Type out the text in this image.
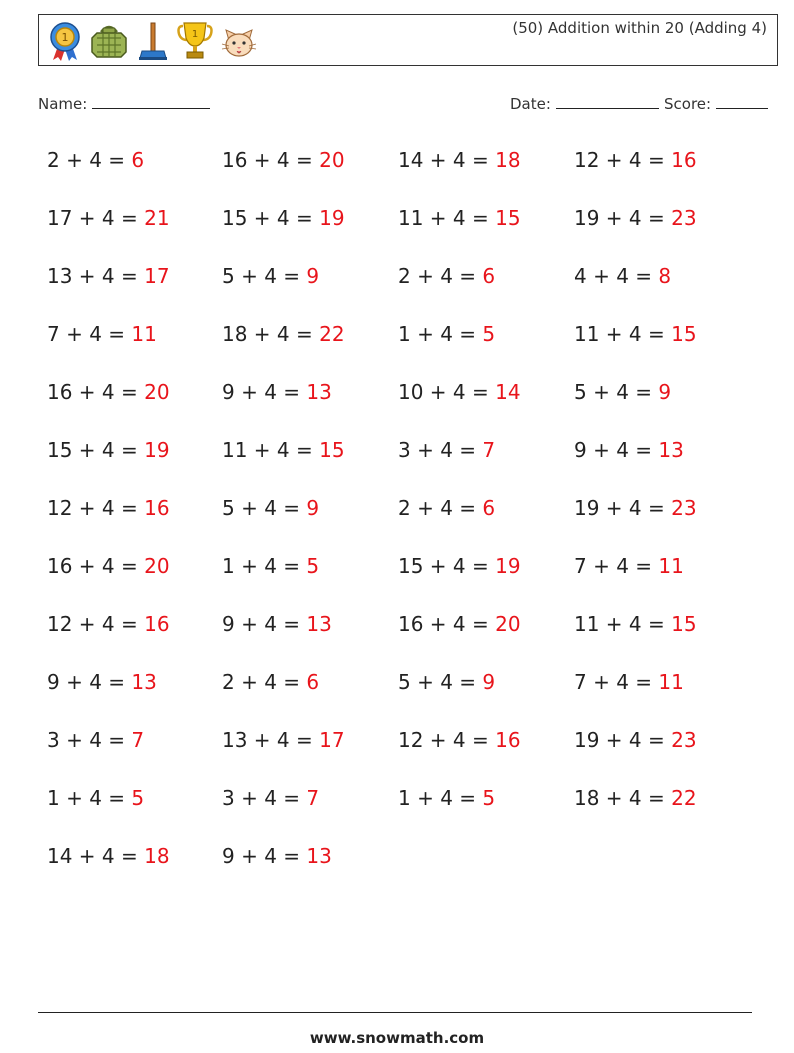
1	1	(50) Addition within 20 (Adding 4)
Name:	Date:	Score:
2 + 4 = 6	16 + 4 = 20	14 + 4 = 18	12 + 4 = 16
17 + 4 = 21	15 + 4 = 19	11 + 4 = 15	19 + 4 = 23
13 + 4 = 17	5 + 4 = 9	2 + 4 = 6	4 + 4 = 8
7 + 4 = 11	18 + 4 = 22	1 + 4 = 5	11 + 4 = 15
16 + 4 = 20	9 + 4 = 13	10 + 4 = 14	5 + 4 = 9
15 + 4 = 19	11 + 4 = 15	3 + 4 = 7	9 + 4 = 13
12 + 4 = 16	5 + 4 = 9	2 + 4 = 6	19 + 4 = 23
16 + 4 = 20	1 + 4 = 5	15 + 4 = 19	7 + 4 = 11
12 + 4 = 16	9 + 4 = 13	16 + 4 = 20	11 + 4 = 15
9 + 4 = 13	2 + 4 = 6	5 + 4 = 9	7 + 4 = 11
3 + 4 = 7	13 + 4 = 17	12 + 4 = 16	19 + 4 = 23
1 + 4 = 5	3 + 4 = 7	1 + 4 = 5	18 + 4 = 22
14 + 4 = 18	9 + 4 = 13
www.snowmath.com
